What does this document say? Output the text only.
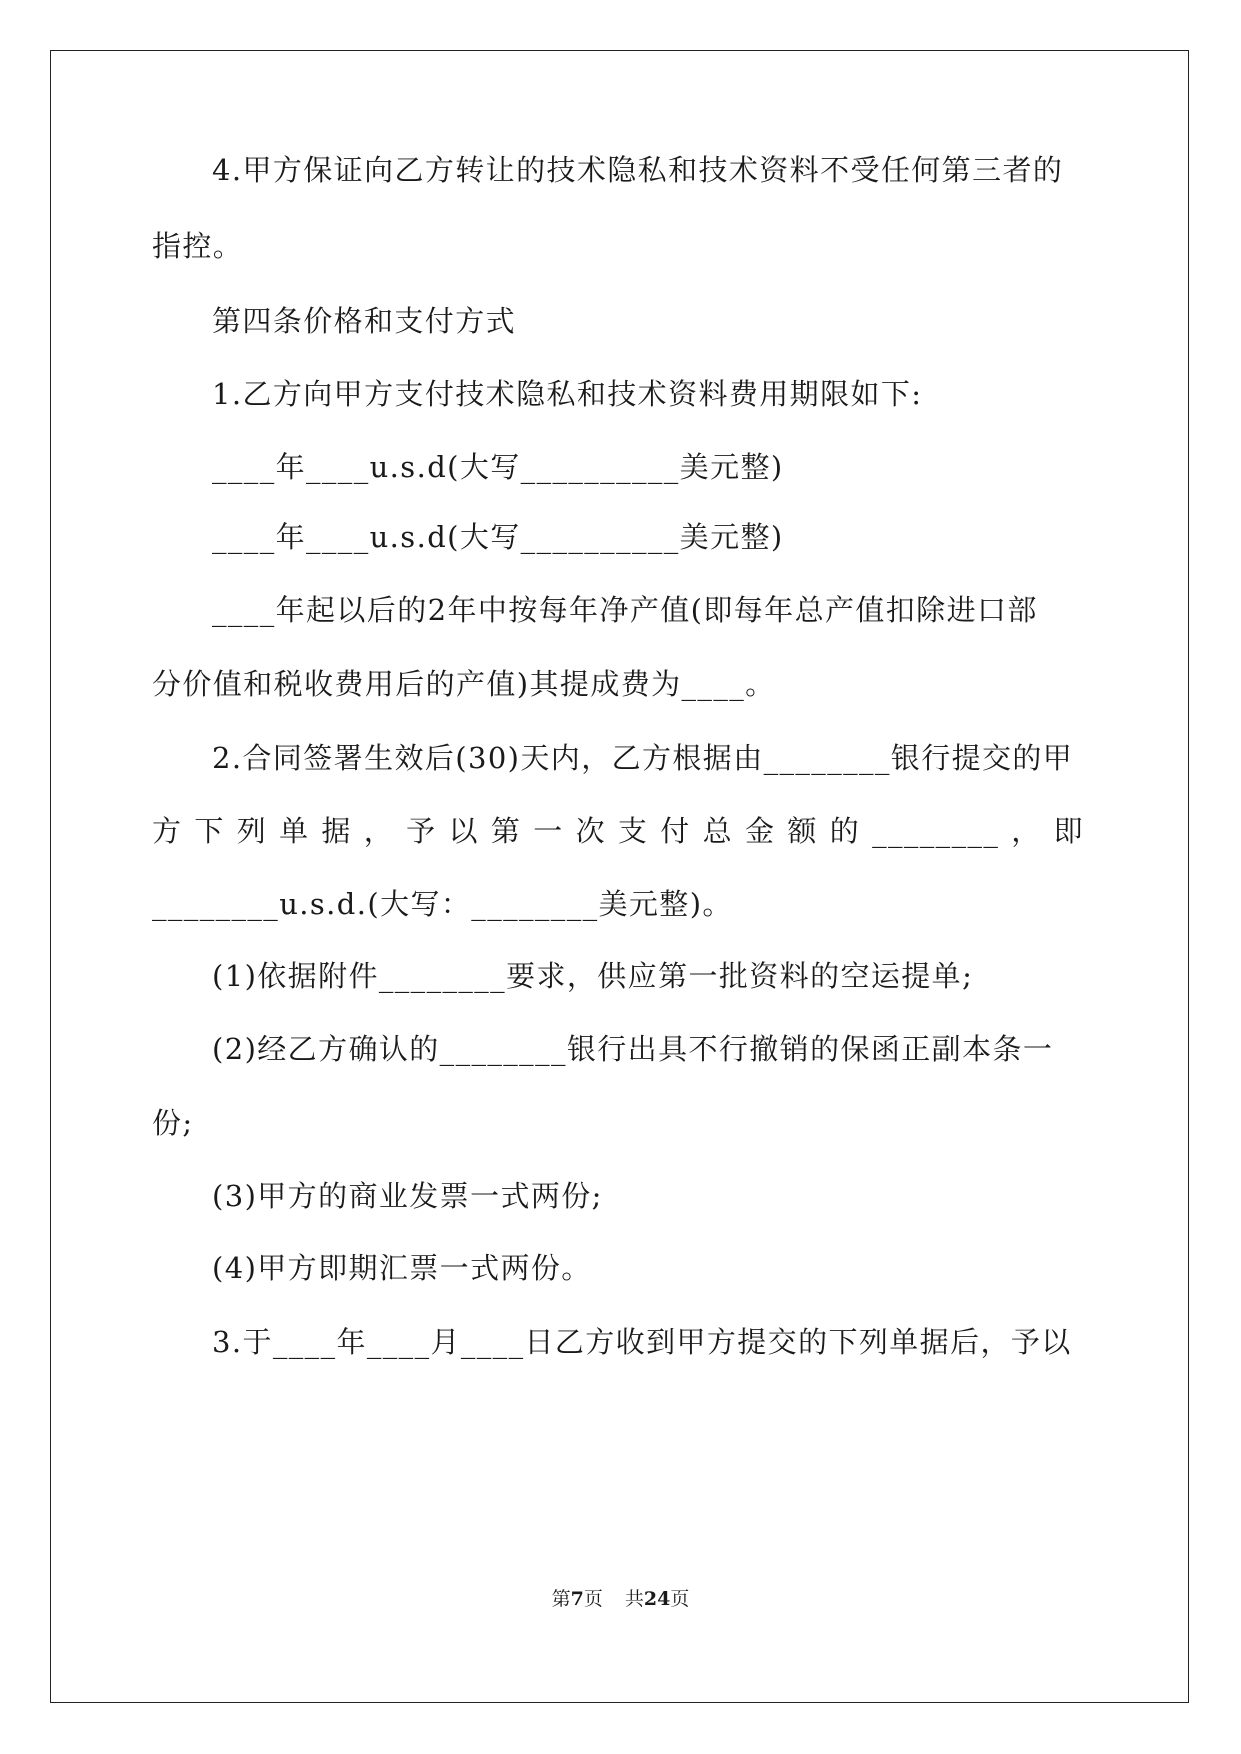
4.甲方保证向乙方转让的技术隐私和技术资料不受任何第三者的
指控。
第四条价格和支付方式
1.乙方向甲方支付技术隐私和技术资料费用期限如下:
____年____u.s.d(大写__________美元整)
____年____u.s.d(大写__________美元整)
____年起以后的2年中按每年净产值(即每年总产值扣除进口部
分价值和税收费用后的产值)其提成费为____。
2.合同签署生效后(30)天内，乙方根据由________银行提交的甲
方下列单据，予以第一次支付总金额的________，即
________u.s.d.(大写：________美元整)。
(1)依据附件________要求，供应第一批资料的空运提单;
(2)经乙方确认的________银行出具不行撤销的保函正副本条一
份;
(3)甲方的商业发票一式两份;
(4)甲方即期汇票一式两份。
3.于____年____月____日乙方收到甲方提交的下列单据后，予以
第7页 共24页
